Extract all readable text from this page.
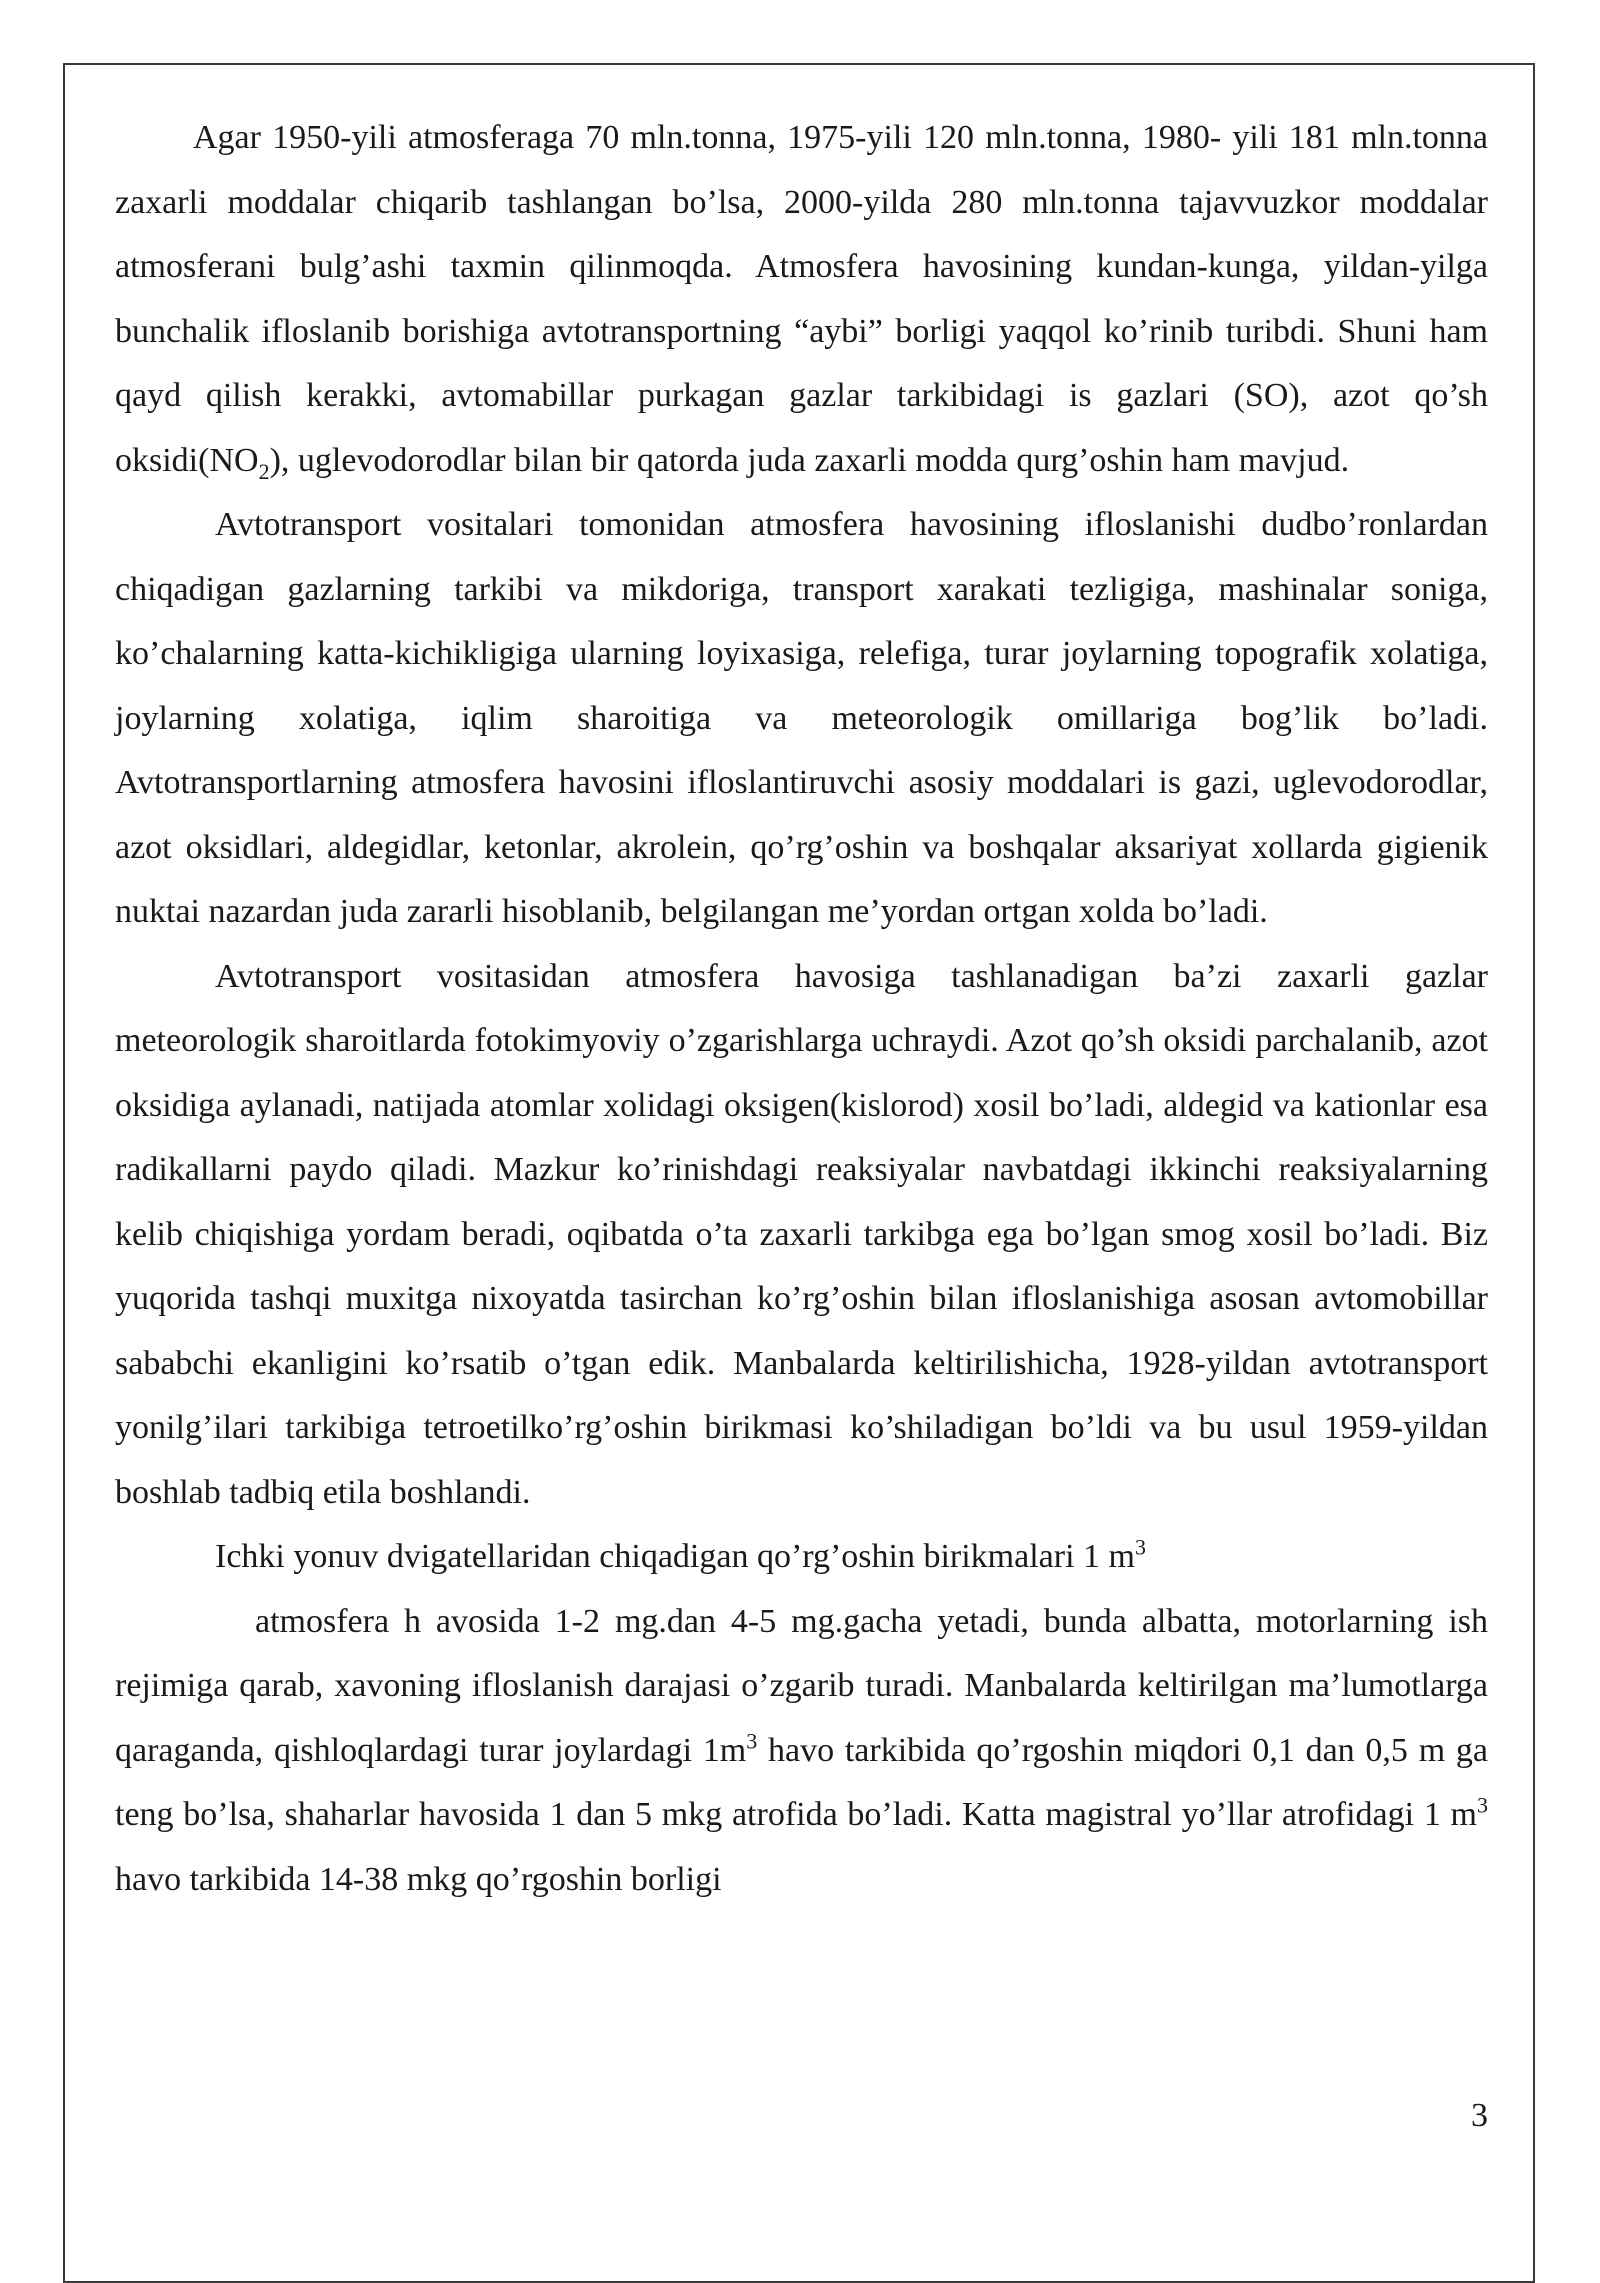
Agar 1950-yili atmosferaga 70 mln.tonna, 1975-yili 120 mln.tonna, 1980- yili 181 mln.tonna zaxarli moddalar chiqarib tashlangan bo’lsa, 2000-yilda 280 mln.tonna tajavvuzkor moddalar atmosferani bulg’ashi taxmin qilinmoqda. Atmosfera havosining kundan-kunga, yildan-yilga bunchalik ifloslanib borishiga avtotransportning “aybi” borligi yaqqol ko’rinib turibdi. Shuni ham qayd qilish kerakki, avtomabillar purkagan gazlar tarkibidagi is gazlari (SO), azot qo’sh $oksidi(NO_2)$, uglevodorodlar bilan bir qatorda juda zaxarli modda qurg’oshin ham mavjud.

Avtotransport vositalari tomonidan atmosfera havosining ifloslanishi dudbo’ronlardan chiqadigan gazlarning tarkibi va mikdoriga, transport xarakati tezligiga, mashinalar soniga, ko’chalarning katta-kichikligiga ularning loyixasiga, relefiga, turar joylarning topografik xolatiga, joylarning xolatiga, iqlim sharoitiga va meteorologik omillariga bog’lik bo’ladi. Avtotransportlarning atmosfera havosini ifloslantiruvchi asosiy moddalari is gazi, uglevodorodlar, azot oksidlari, aldegidlar, ketonlar, akrolein, qo’rg’oshin va boshqalar aksariyat xollarda gigienik nuktai nazardan juda zararli hisoblanib, belgilangan me’yordan ortgan xolda bo’ladi.

Avtotransport vositasidan atmosfera havosiga tashlanadigan ba’zi zaxarli gazlar meteorologik sharoitlarda fotokimyoviy o’zgarishlarga uchraydi. Azot qo’sh oksidi parchalanib, azot oksidiga aylanadi, natijada atomlar xolidagi oksigen(kislorod) xosil bo’ladi, aldegid va kationlar esa radikallarni paydo qiladi. Mazkur ko’rinishdagi reaksiyalar navbatdagi ikkinchi reaksiyalarning kelib chiqishiga yordam beradi, oqibatda o’ta zaxarli tarkibga ega bo’lgan smog xosil bo’ladi. Biz yuqorida tashqi muxitga nixoyatda tasirchan ko’rg’oshin bilan ifloslanishiga asosan avtomobillar sababchi ekanligini ko’rsatib o’tgan edik. Manbalarda keltirilishicha, 1928-yildan avtotransport yonilg’ilari tarkibiga tetroetilko’rg’oshin birikmasi ko’shiladigan bo’ldi va bu usul 1959-yildan boshlab tadbiq etila boshlandi.

Ichki yonuv dvigatellaridan chiqadigan qo’rg’oshin birikmalari 1 $m^3$

atmosfera h avosida 1-2 mg.dan 4-5 mg.gacha yetadi, bunda albatta, motorlarning ish rejimiga qarab, xavoning ifloslanish darajasi o’zgarib turadi. Manbalarda keltirilgan ma’lumotlarga qaraganda, qishloqlardagi turar joylardagi $1m^3$ havo tarkibida qo’rgoshin miqdori 0,1 dan 0,5 m ga teng bo’lsa, shaharlar havosida 1 dan 5 mkg atrofida bo’ladi. Katta magistral yo’llar atrofidagi 1 $m^3$ havo tarkibida 14-38 mkg qo’rgoshin borligi

3
